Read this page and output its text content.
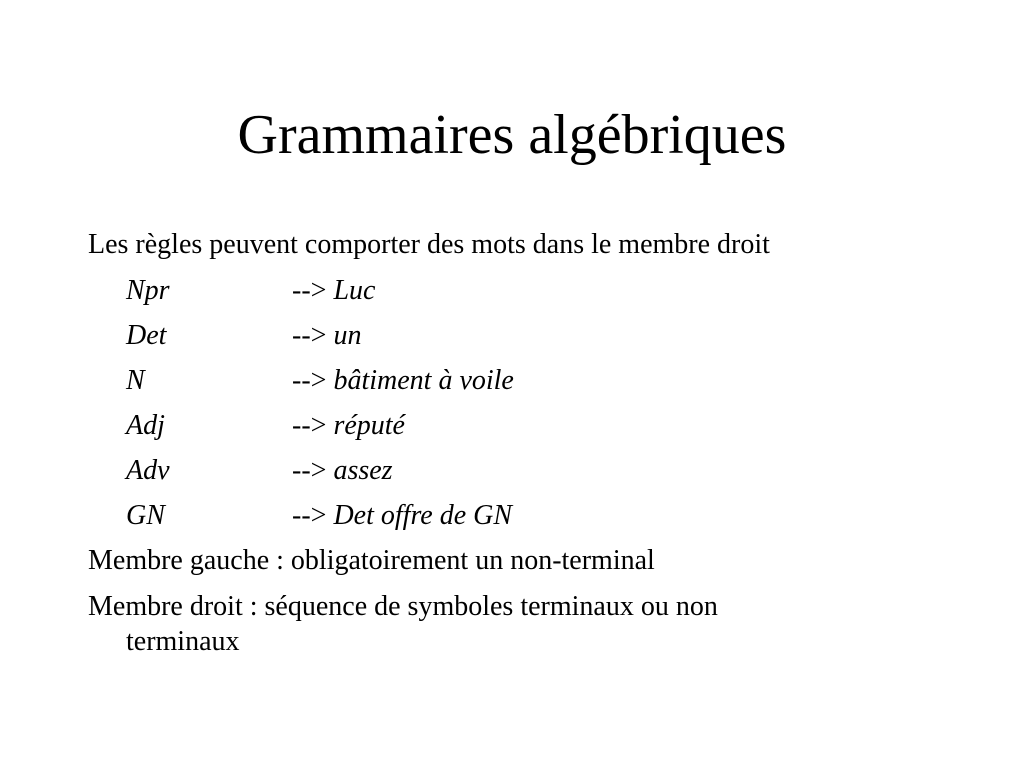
Grammaires algébriques
Les règles peuvent comporter des mots dans le membre droit
Npr	--> Luc
Det	--> un
N	--> bâtiment à voile
Adj	--> réputé
Adv	--> assez
GN	--> Det offre de GN
Membre gauche : obligatoirement un non-terminal
Membre droit : séquence de symboles terminaux ou non
terminaux
